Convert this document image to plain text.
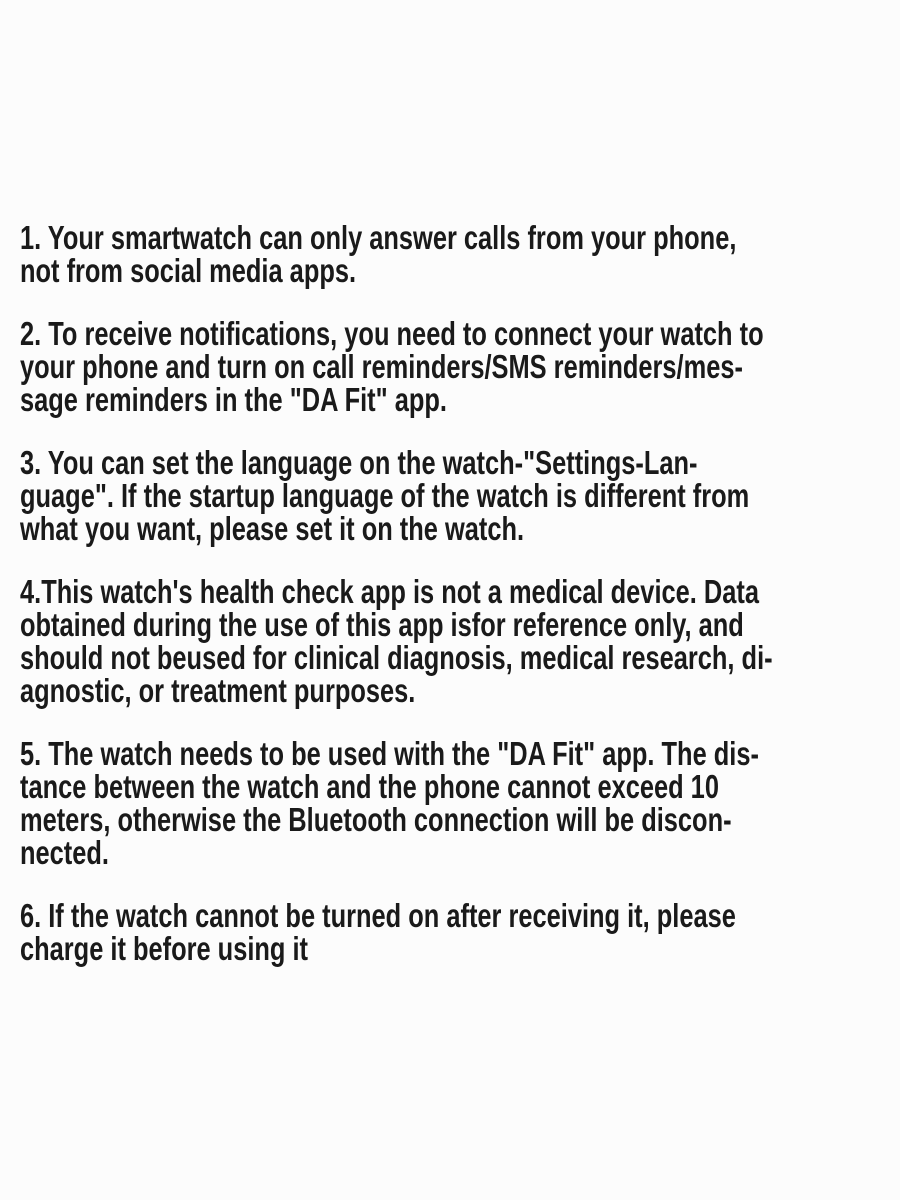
1. Your smartwatch can only answer calls from your phone,
not from social media apps.
2. To receive notifications, you need to connect your watch to
your phone and turn on call reminders/SMS reminders/mes-
sage reminders in the "DA Fit" app.
3. You can set the language on the watch-"Settings-Lan-
guage". If the startup language of the watch is different from
what you want, please set it on the watch.
4.This watch's health check app is not a medical device. Data
obtained during the use of this app isfor reference only, and
should not beused for clinical diagnosis, medical research, di-
agnostic, or treatment purposes.
5. The watch needs to be used with the "DA Fit" app. The dis-
tance between the watch and the phone cannot exceed 10
meters, otherwise the Bluetooth connection will be discon-
nected.
6. If the watch cannot be turned on after receiving it, please
charge it before using it
